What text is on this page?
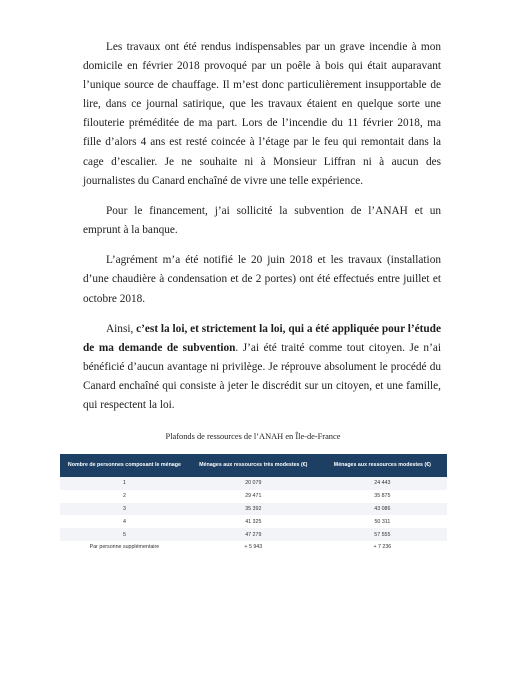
Les travaux ont été rendus indispensables par un grave incendie à mon domicile en février 2018 provoqué par un poêle à bois qui était auparavant l’unique source de chauffage. Il m’est donc particulièrement insupportable de lire, dans ce journal satirique, que les travaux étaient en quelque sorte une filouterie préméditée de ma part. Lors de l’incendie du 11 février 2018, ma fille d’alors 4 ans est resté coincée à l’étage par le feu qui remontait dans la cage d’escalier. Je ne souhaite ni à Monsieur Liffran ni à aucun des journalistes du Canard enchaîné de vivre une telle expérience.

Pour le financement, j’ai sollicité la subvention de l’ANAH et un emprunt à la banque.

L’agrément m’a été notifié le 20 juin 2018 et les travaux (installation d’une chaudière à condensation et de 2 portes) ont été effectués entre juillet et octobre 2018.

Ainsi, c’est la loi, et strictement la loi, qui a été appliquée pour l’étude de ma demande de subvention. J’ai été traité comme tout citoyen. Je n’ai bénéficié d’aucun avantage ni privilège. Je réprouve absolument le procédé du Canard enchaîné qui consiste à jeter le discrédit sur un citoyen, et une famille, qui respectent la loi.

Plafonds de ressources de l’ANAH en Île-de-France
Nombre de personnes composant le ménage	Ménages aux ressources très modestes (€)	Ménages aux ressources modestes (€)
1	20 079	24 443
2	29 471	35 875
3	35 392	43 086
4	41 325	50 311
5	47 279	57 555
Par personne supplémentaire	+ 5 943	+ 7 236
